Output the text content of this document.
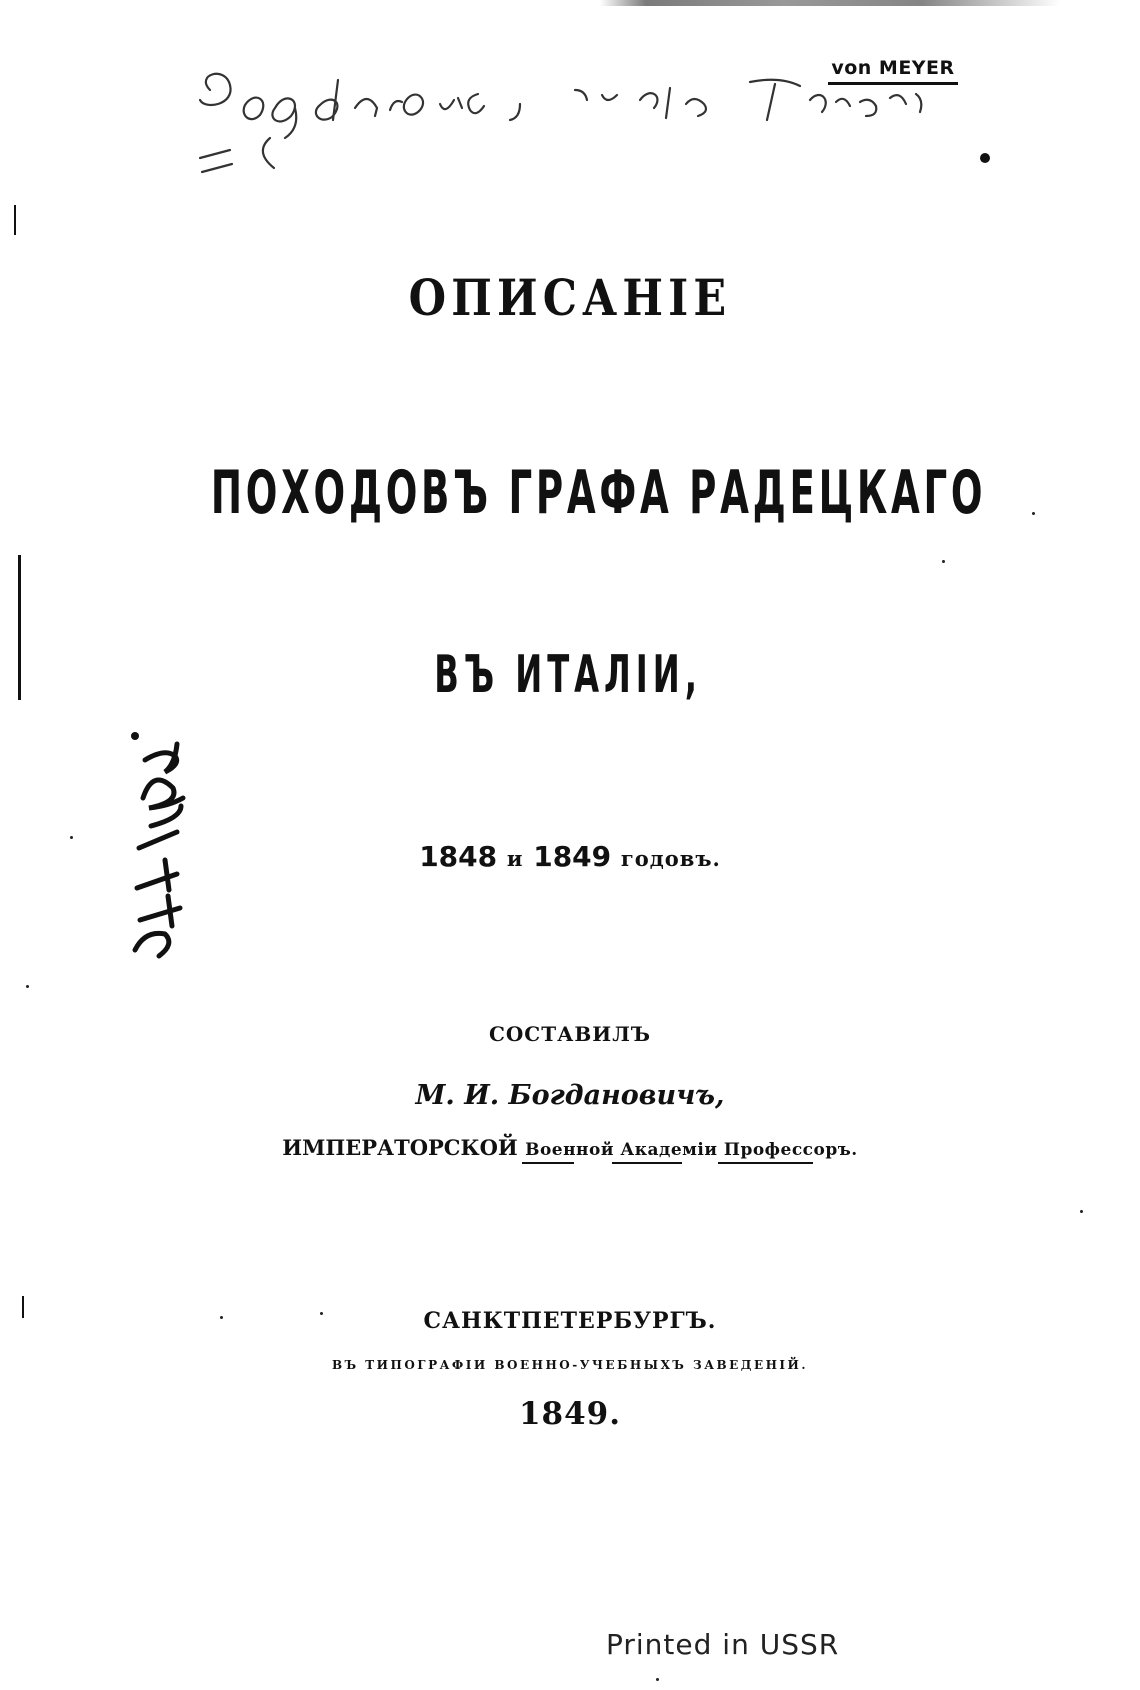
von MEYER
ОПИСАНІЕ
ПОХОДОВЪ ГРАФА РАДЕЦКАГО
ВЪ ИТАЛІИ,
1848 и 1849 годовъ.
СОСТАВИЛЪ
М. И. Богдановичъ,
ИМПЕРАТОРСКОЙ Военной Академіи Профессоръ.
САНКТПЕТЕРБУРГЪ.
ВЪ ТИПОГРАФІИ ВОЕННО-УЧЕБНЫХЪ ЗАВЕДЕНІЙ.
1849.
Printed in USSR
